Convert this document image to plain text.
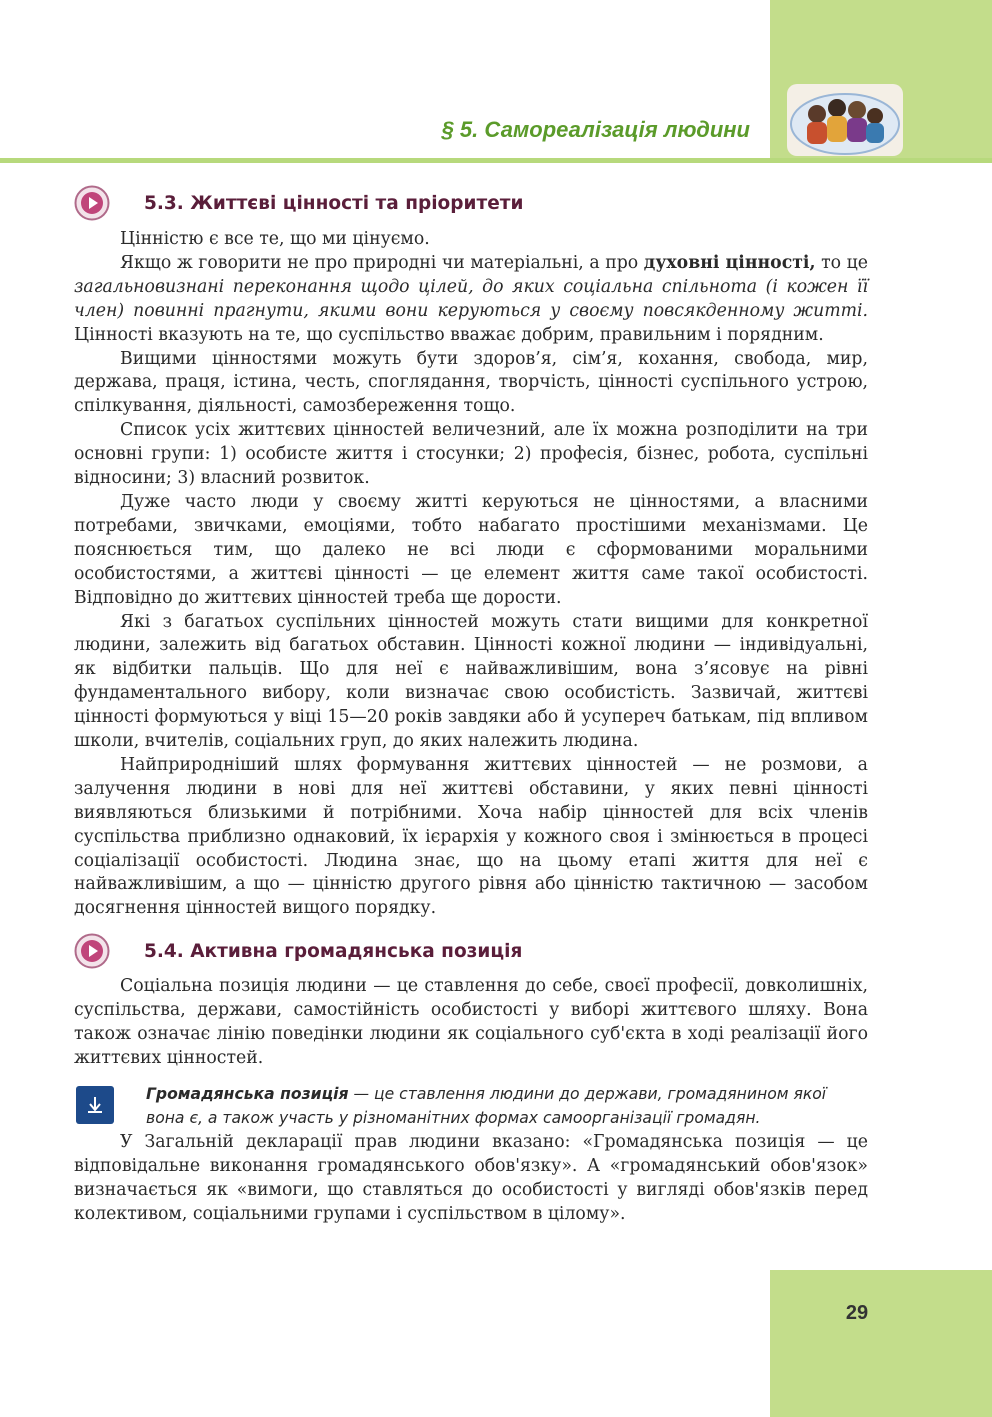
§ 5. Самореалізація людини
5.3. Життєві цінності та пріоритети

Цінністю є все те, що ми цінуємо.

Якщо ж говорити не про природні чи матеріальні, а про духовні цінності, то це загальновизнані переконання щодо цілей, до яких соціальна спільнота (і кожен її член) повинні прагнути, якими вони керуються у своєму повсякденному житті. Цінності вказують на те, що суспільство вважає добрим, правильним і порядним.

Вищими цінностями можуть бути здоров’я, сім’я, кохання, свобода, мир, держава, праця, істина, честь, споглядання, творчість, цінності суспільного устрою, спілкування, діяльності, самозбереження тощо.

Список усіх життєвих цінностей величезний, але їх можна розподілити на три основні групи: 1) особисте життя і стосунки; 2) професія, бізнес, робота, суспільні відносини; 3) власний розвиток.

Дуже часто люди у своєму житті керуються не цінностями, а власними потребами, звичками, емоціями, тобто набагато простішими механізмами. Це пояснюється тим, що далеко не всі люди є сформованими моральними особистостями, а життєві цінності — це елемент життя саме такої особистості. Відповідно до життєвих цінностей треба ще дорости.

Які з багатьох суспільних цінностей можуть стати вищими для конкретної людини, залежить від багатьох обставин. Цінності кожної людини — індивідуальні, як відбитки пальців. Що для неї є найважливішим, вона з’ясовує на рівні фундаментального вибору, коли визначає свою особистість. Зазвичай, життєві цінності формуються у віці 15—20 років завдяки або й усупереч батькам, під впливом школи, вчителів, соціальних груп, до яких належить людина.

Найприродніший шлях формування життєвих цінностей — не розмови, а залучення людини в нові для неї життєві обставини, у яких певні цінності виявляються близькими й потрібними. Хоча набір цінностей для всіх членів суспільства приблизно однаковий, їх ієрархія у кожного своя і змінюється в процесі соціалізації особистості. Людина знає, що на цьому етапі життя для неї є найважливішим, а що — цінністю другого рівня або цінністю тактичною — засобом досягнення цінностей вищого порядку.

5.4. Активна громадянська позиція

Соціальна позиція людини — це ставлення до себе, своєї професії, довколишніх, суспільства, держави, самостійність особистості у виборі життєвого шляху. Вона також означає лінію поведінки людини як соціального суб'єкта в ході реалізації його життєвих цінностей.

Громадянська позиція — це ставлення людини до держави, громадянином якої вона є, а також участь у різноманітних формах самоорганізації громадян.

У Загальній декларації прав людини вказано: «Громадянська позиція — це відповідальне виконання громадянського обов'язку». А «громадянський обов'язок» визначається як «вимоги, що ставляться до особистості у вигляді обов'язків перед колективом, соціальними групами і суспільством в цілому».

29
